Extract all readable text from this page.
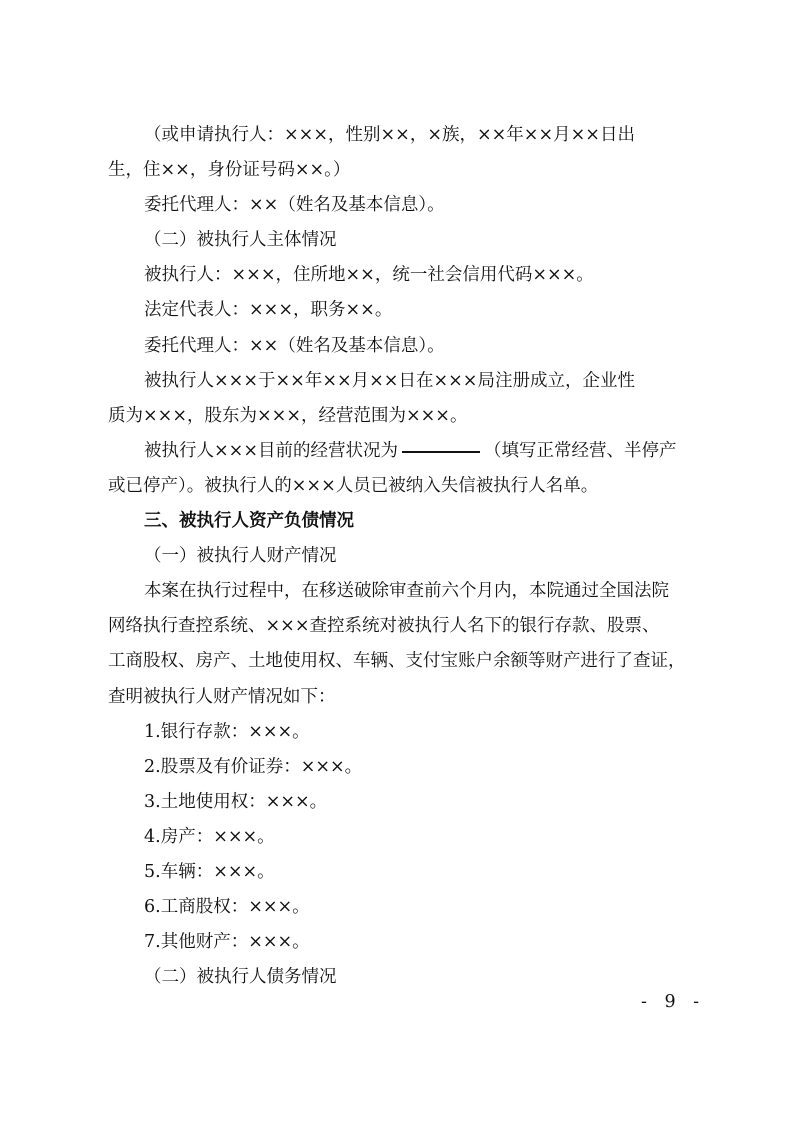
（或申请执行人：×××，性别××，×族，××年××月××日出
生，住××，身份证号码××。）
委托代理人：××（姓名及基本信息）。
（二）被执行人主体情况
被执行人：×××，住所地××，统一社会信用代码×××。
法定代表人：×××，职务××。
委托代理人：××（姓名及基本信息）。
被执行人×××于××年××月××日在×××局注册成立，企业性
质为×××，股东为×××，经营范围为×××。
被执行人×××目前的经营状况为	（填写正常经营、半停产
或已停产）。被执行人的×××人员已被纳入失信被执行人名单。
三、被执行人资产负债情况
（一）被执行人财产情况
本案在执行过程中，在移送破除审查前六个月内，本院通过全国法院
网络执行查控系统、×××查控系统对被执行人名下的银行存款、股票、
工商股权、房产、土地使用权、车辆、支付宝账户余额等财产进行了查证，
查明被执行人财产情况如下：
1.银行存款：×××。
2.股票及有价证券：×××。
3.土地使用权：×××。
4.房产：×××。
5.车辆：×××。
6.工商股权：×××。
7.其他财产：×××。
（二）被执行人债务情况
- 9 -
